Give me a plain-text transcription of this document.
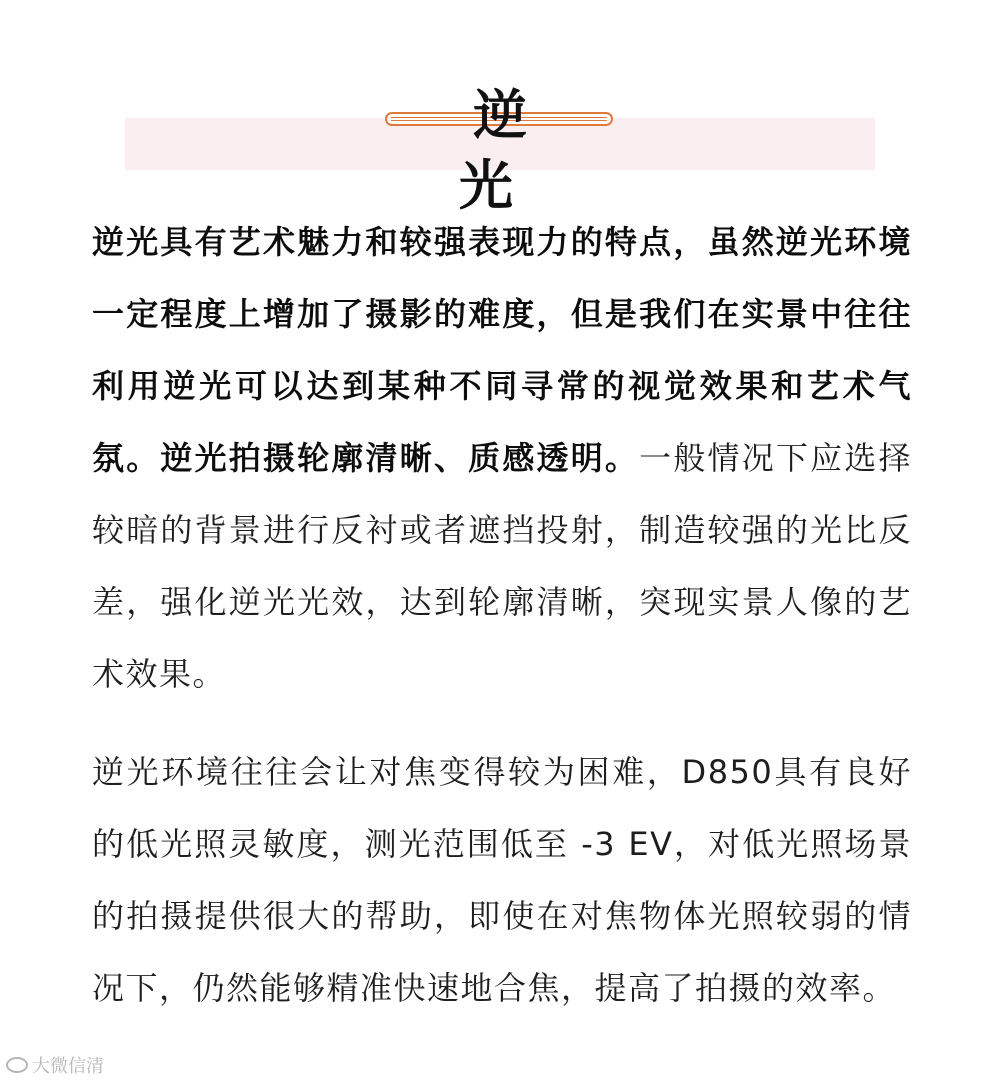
逆 光

逆光具有艺术魅力和较强表现力的特点，虽然逆光环境一定程度上增加了摄影的难度，但是我们在实景中往往利用逆光可以达到某种不同寻常的视觉效果和艺术气氛。逆光拍摄轮廓清晰、质感透明。一般情况下应选择较暗的背景进行反衬或者遮挡投射，制造较强的光比反差，强化逆光光效，达到轮廓清晰，突现实景人像的艺术效果。

逆光环境往往会让对焦变得较为困难，D850具有良好的低光照灵敏度，测光范围低至 -3 EV，对低光照场景的拍摄提供很大的帮助，即使在对焦物体光照较弱的情况下，仍然能够精准快速地合焦，提高了拍摄的效率。

大微信清
